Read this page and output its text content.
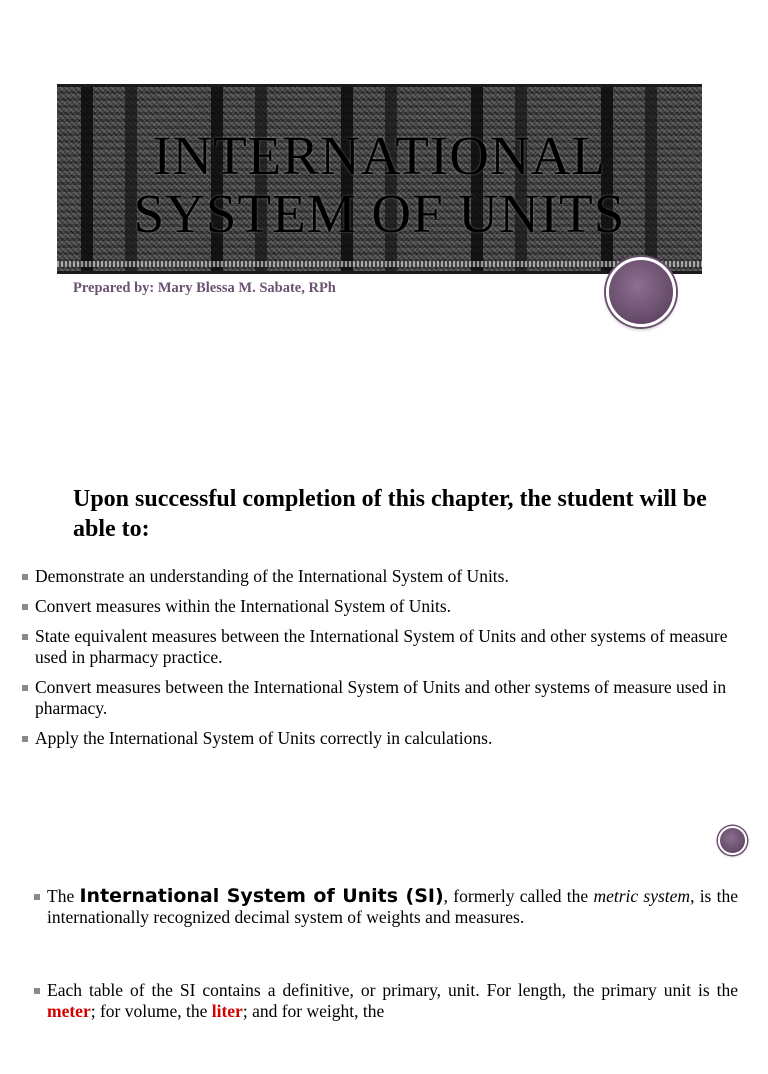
INTERNATIONAL
SYSTEM OF UNITS
Prepared by: Mary Blessa M. Sabate, RPh
Upon successful completion of this chapter, the student will be able to:
Demonstrate an understanding of the International System of Units.
Convert measures within the International System of Units.
State equivalent measures between the International System of Units and other systems of measure used in pharmacy practice.
Convert measures between the International System of Units and other systems of measure used in pharmacy.
Apply the International System of Units correctly in calculations.
The International System of Units (SI), formerly called the metric system, is the internationally recognized decimal system of weights and measures.
Each table of the SI contains a definitive, or primary, unit. For length, the primary unit is the meter; for volume, the liter; and for weight, the
